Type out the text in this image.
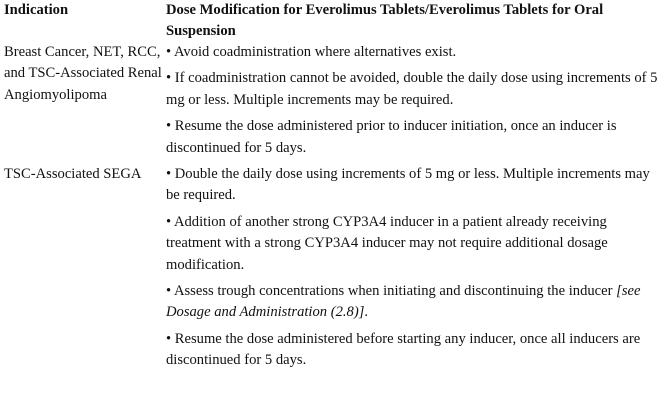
Indication	Dose Modification for Everolimus Tablets/Everolimus Tablets for Oral Suspension
Breast Cancer, NET, RCC, and TSC-Associated Renal Angiomyolipoma	• Avoid coadministration where alternatives exist.
• If coadministration cannot be avoided, double the daily dose using increments of 5 mg or less. Multiple increments may be required.
• Resume the dose administered prior to inducer initiation, once an inducer is discontinued for 5 days.

TSC-Associated SEGA	• Double the daily dose using increments of 5 mg or less. Multiple increments may be required.
• Addition of another strong CYP3A4 inducer in a patient already receiving treatment with a strong CYP3A4 inducer may not require additional dosage modification.
• Assess trough concentrations when initiating and discontinuing the inducer [see Dosage and Administration (2.8)].
• Resume the dose administered before starting any inducer, once all inducers are discontinued for 5 days.
